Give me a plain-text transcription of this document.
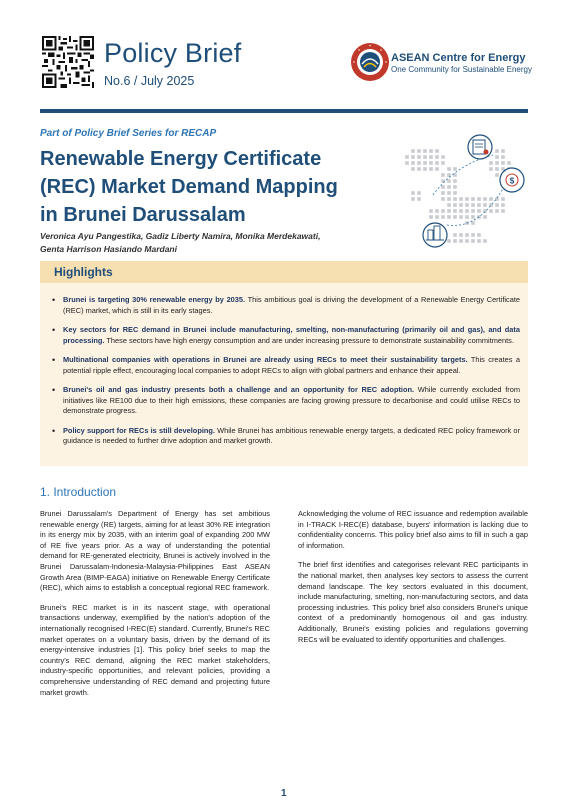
Policy Brief
No.6 / July 2025
ASEAN Centre for Energy
One Community for Sustainable Energy
Part of Policy Brief Series for RECAP
Renewable Energy Certificate
(REC) Market Demand Mapping
in Brunei Darussalam
Veronica Ayu Pangestika, Gadiz Liberty Namira, Monika Merdekawati,
Genta Harrison Hasiando Mardani
$
Highlights
• Brunei is targeting 30% renewable energy by 2035. This ambitious goal is driving the development of a Renewable Energy Certificate (REC) market, which is still in its early stages.
• Key sectors for REC demand in Brunei include manufacturing, smelting, non-manufacturing (primarily oil and gas), and data processing. These sectors have high energy consumption and are under increasing pressure to demonstrate sustainability commitments.
• Multinational companies with operations in Brunei are already using RECs to meet their sustainability targets. This creates a potential ripple effect, encouraging local companies to adopt RECs to align with global partners and enhance their appeal.
• Brunei's oil and gas industry presents both a challenge and an opportunity for REC adoption. While currently excluded from initiatives like RE100 due to their high emissions, these companies are facing growing pressure to decarbonise and could utilise RECs to demonstrate progress.
• Policy support for RECs is still developing. While Brunei has ambitious renewable energy targets, a dedicated REC policy framework or guidance is needed to further drive adoption and market growth.
1. Introduction

Brunei Darussalam's Department of Energy has set ambitious renewable energy (RE) targets, aiming for at least 30% RE integration in its energy mix by 2035, with an interim goal of expanding 200 MW of RE five years prior. As a way of understanding the potential demand for RE-generated electricity, Brunei is actively involved in the Brunei Darussalam-Indonesia-Malaysia-Philippines East ASEAN Growth Area (BIMP-EAGA) initiative on Renewable Energy Certificate (REC), which aims to establish a conceptual regional REC framework.

Brunei's REC market is in its nascent stage, with operational transactions underway, exemplified by the nation's adoption of the internationally recognised I-REC(E) standard. Currently, Brunei's REC market operates on a voluntary basis, driven by the demand of its energy-intensive industries [1]. This policy brief seeks to map the country's REC demand, aligning the REC market stakeholders, industry-specific opportunities, and relevant policies, providing a comprehensive understanding of REC demand and projecting future market growth.

Acknowledging the volume of REC issuance and redemption available in I-TRACK I-REC(E) database, buyers' information is lacking due to confidentiality concerns. This policy brief also aims to fill in such a gap of information.

The brief first identifies and categorises relevant REC participants in the national market, then analyses key sectors to assess the current demand landscape. The key sectors evaluated in this document, include manufacturing, smelting, non-manufacturing sectors, and data processing industries. This policy brief also considers Brunei's unique context of a predominantly homogenous oil and gas industry. Additionally, Brunei's existing policies and regulations governing RECs will be evaluated to identify opportunities and challenges.

1
